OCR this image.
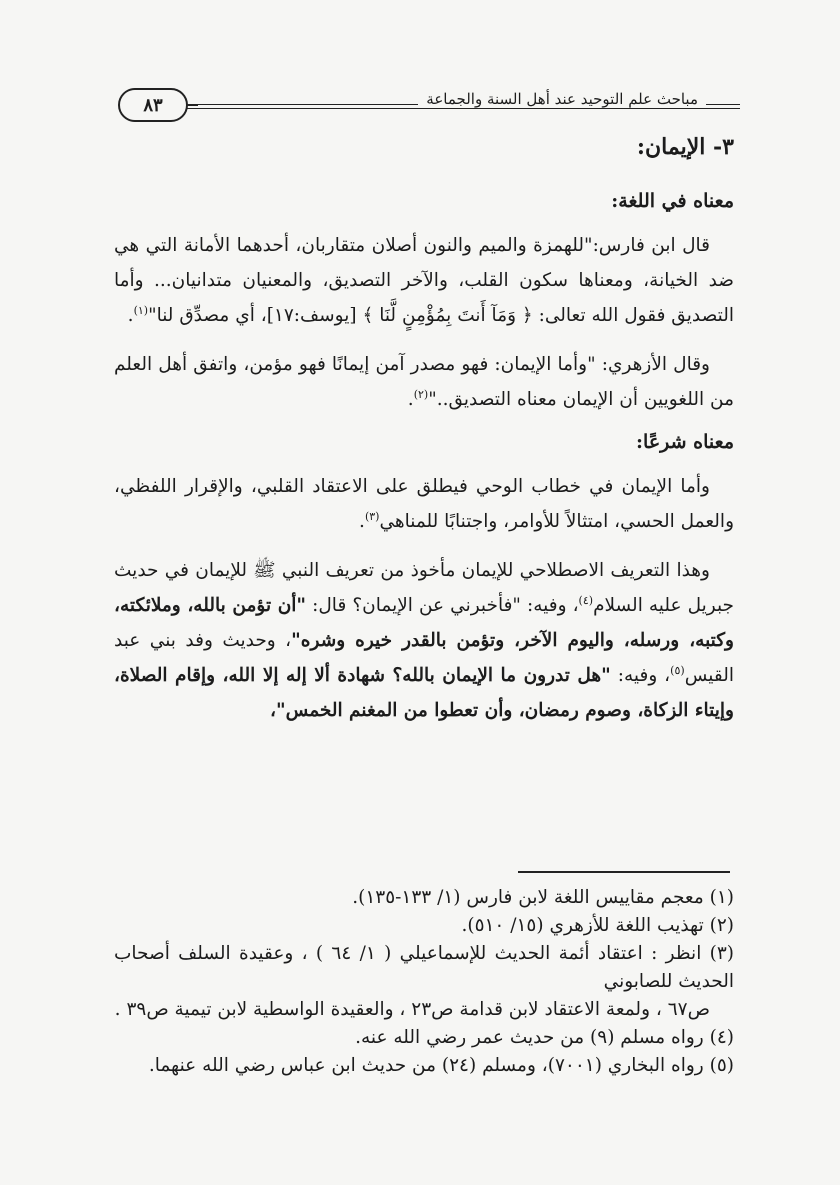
مباحث علم التوحيد عند أهل السنة والجماعة
٨٣
٣- الإيمان:
معناه في اللغة:

قال ابن فارس:"للهمزة والميم والنون أصلان متقاربان، أحدهما الأمانة التي هي ضد الخيانة، ومعناها سكون القلب، والآخر التصديق، والمعنيان متدانيان... وأما التصديق فقول الله تعالى: ﴿ وَمَآ أَنتَ بِمُؤْمِنٍ لَّنَا ﴾ [يوسف:١٧]، أي مصدِّق لنا"$^{(١)}$.

وقال الأزهري: "وأما الإيمان: فهو مصدر آمن إيمانًا فهو مؤمن، واتفق أهل العلم من اللغويين أن الإيمان معناه التصديق.."$^{(٢)}$.

معناه شرعًا:

وأما الإيمان في خطاب الوحي فيطلق على الاعتقاد القلبي، والإقرار اللفظي، والعمل الحسي، امتثالاً للأوامر، واجتنابًا للمناهي$^{(٣)}$.

وهذا التعريف الاصطلاحي للإيمان مأخوذ من تعريف النبي ﷺ للإيمان في حديث جبريل عليه السلام$^{(٤)}$، وفيه: "فأخبرني عن الإيمان؟ قال: "أن تؤمن بالله، وملائكته، وكتبه، ورسله، واليوم الآخر، وتؤمن بالقدر خيره وشره"، وحديث وفد بني عبد القيس$^{(٥)}$، وفيه: "هل تدرون ما الإيمان بالله؟ شهادة ألا إله إلا الله، وإقام الصلاة، وإيتاء الزكاة، وصوم رمضان، وأن تعطوا من المغنم الخمس"،

(١) معجم مقاييس اللغة لابن فارس (١/ ١٣٣-١٣٥).

(٢) تهذيب اللغة للأزهري (١٥/ ٥١٠).

(٣) انظر : اعتقاد أئمة الحديث للإسماعيلي ( ١/ ٦٤ ) ، وعقيدة السلف أصحاب الحديث للصابوني

ص٦٧ ، ولمعة الاعتقاد لابن قدامة ص٢٣ ، والعقيدة الواسطية لابن تيمية ص٣٩ .

(٤) رواه مسلم (٩) من حديث عمر رضي الله عنه.

(٥) رواه البخاري (٧٠٠١)، ومسلم (٢٤) من حديث ابن عباس رضي الله عنهما.
